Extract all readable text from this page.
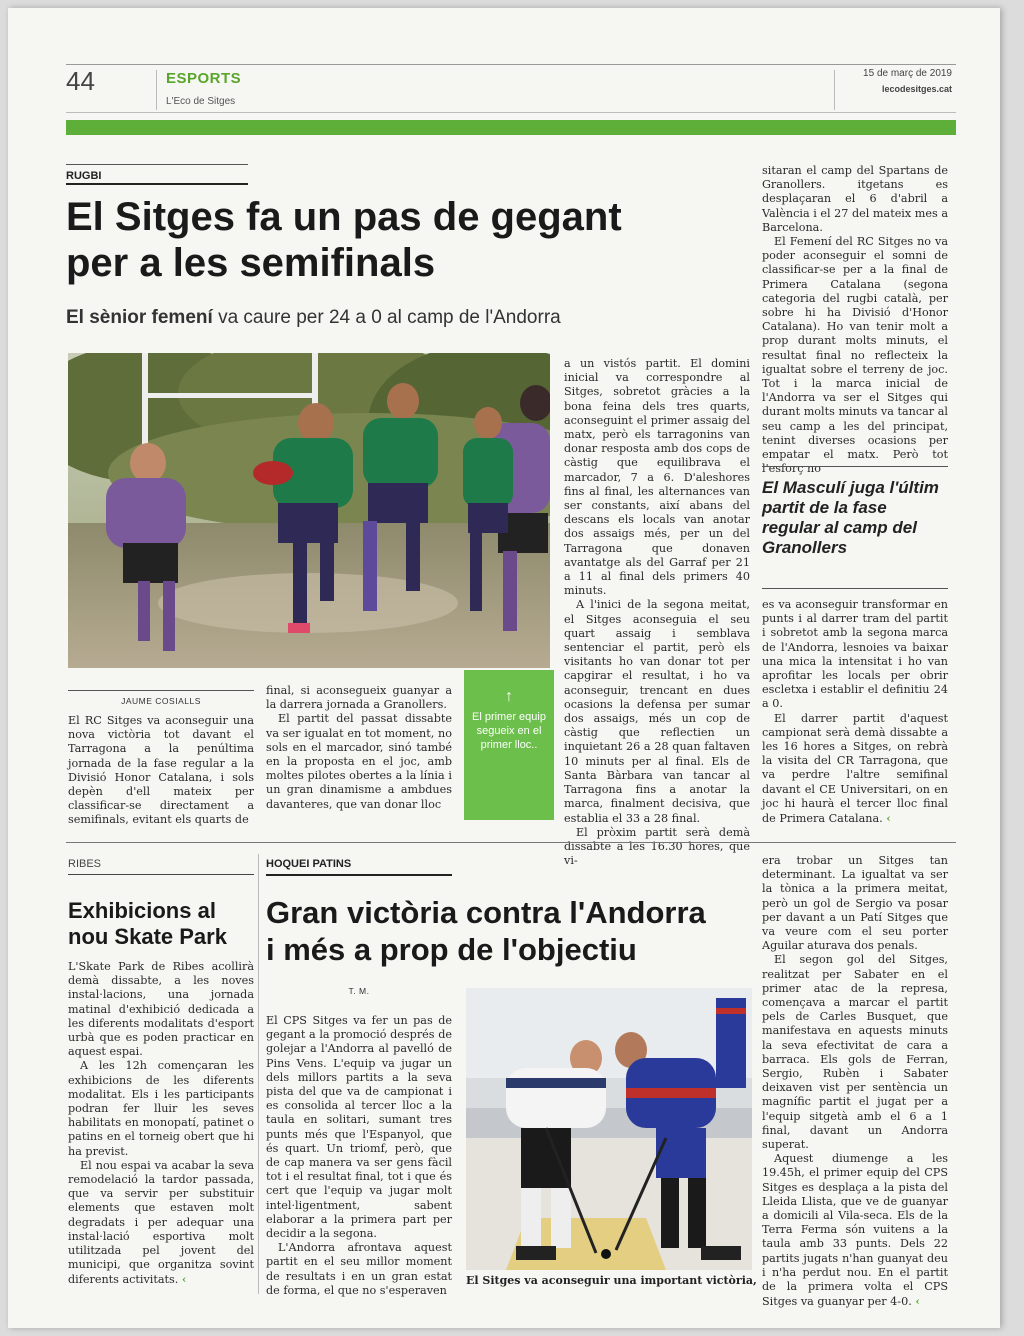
44	ESPORTS
L'Eco de Sitges
15 de març de 2019
lecodesitges.cat
RUGBI
El Sitges fa un pas de gegant
per a les semifinals
El sènior femení va caure per 24 a 0 al camp de l'Andorra
JAUME COSIALLS

El RC Sitges va aconseguir una nova victòria tot davant el Tarragona a la penúltima jornada de la fase regular a la Divisió Honor Catalana, i sols depèn d'ell mateix per classificar-se directament a semifinals, evitant els quarts de

final, si aconsegueix guanyar a la darrera jornada a Granollers.

El partit del passat dissabte va ser igualat en tot moment, no sols en el marcador, sinó també en la proposta en el joc, amb moltes pilotes obertes a la línia i un gran dinamisme a ambdues davanteres, que van donar lloc

↑
El primer equip segueix en el primer lloc..

a un vistós partit. El domini inicial va correspondre al Sitges, sobretot gràcies a la bona feina dels tres quarts, aconseguint el primer assaig del matx, però els tarragonins van donar resposta amb dos cops de càstig que equilibrava el marcador, 7 a 6. D'aleshores fins al final, les alternances van ser constants, així abans del descans els locals van anotar dos assaigs més, per un del Tarragona que donaven avantatge als del Garraf per 21 a 11 al final dels primers 40 minuts.

A l'inici de la segona meitat, el Sitges aconseguia el seu quart assaig i semblava sentenciar el partit, però els visitants ho van donar tot per capgirar el resultat, i ho va aconseguir, trencant en dues ocasions la defensa per sumar dos assaigs, més un cop de càstig que reflectien un inquietant 26 a 28 quan faltaven 10 minuts per al final. Els de Santa Bàrbara van tancar al Tarragona fins a anotar la marca, finalment decisiva, que establia el 33 a 28 final.

El pròxim partit serà demà dissabte a les 16.30 hores, que vi-

sitaran el camp del Spartans de Granollers. itgetans es desplaçaran el 6 d'abril a València i el 27 del mateix mes a Barcelona.

El Femení del RC Sitges no va poder aconseguir el somni de classificar-se per a la final de Primera Catalana (segona categoria del rugbi català, per sobre hi ha Divisió d'Honor Catalana). Ho van tenir molt a prop durant molts minuts, el resultat final no reflecteix la igualtat sobre el terreny de joc. Tot i la marca inicial de l'Andorra va ser el Sitges qui durant molts minuts va tancar al seu camp a les del principat, tenint diverses ocasions per empatar el matx. Però tot l'esforç no

El Masculí juga l'últim partit de la fase regular al camp del Granollers

es va aconseguir transformar en punts i al darrer tram del partit i sobretot amb la segona marca de l'Andorra, lesnoies va baixar una mica la intensitat i ho van aprofitar les locals per obrir escletxa i establir el definitiu 24 a 0.

El darrer partit d'aquest campionat serà demà dissabte a les 16 hores a Sitges, on rebrà la visita del CR Tarragona, que va perdre l'altre semifinal davant el CE Universitari, on en joc hi haurà el tercer lloc final de Primera Catalana. ‹

RIBES
Exhibicions al
nou Skate Park

L'Skate Park de Ribes acollirà demà dissabte, a les noves instal·lacions, una jornada matinal d'exhibició dedicada a les diferents modalitats d'esport urbà que es poden practicar en aquest espai.

A les 12h començaran les exhibicions de les diferents modalitat. Els i les participants podran fer lluir les seves habilitats en monopatí, patinet o patins en el torneig obert que hi ha previst.

El nou espai va acabar la seva remodelació la tardor passada, que va servir per substituir elements que estaven molt degradats i per adequar una instal·lació esportiva molt utilitzada pel jovent del municipi, que organitza sovint diferents activitats. ‹

HOQUEI PATINS
Gran victòria contra l'Andorra
i més a prop de l'objectiu
T. M.

El CPS Sitges va fer un pas de gegant a la promoció després de golejar a l'Andorra al pavelló de Pins Vens. L'equip va jugar un dels millors partits a la seva pista del que va de campionat i es consolida al tercer lloc a la taula en solitari, sumant tres punts més que l'Espanyol, que és quart. Un triomf, però, que de cap manera va ser gens fàcil tot i el resultat final, tot i que és cert que l'equip va jugar molt intel·ligentment, sabent elaborar a la primera part per decidir a la segona.

L'Andorra afrontava aquest partit en el seu millor moment de resultats i en un gran estat de forma, el que no s'esperaven

El Sitges va aconseguir una important victòria,

era trobar un Sitges tan determinant. La igualtat va ser la tònica a la primera meitat, però un gol de Sergio va posar per davant a un Patí Sitges que va veure com el seu porter Aguilar aturava dos penals.

El segon gol del Sitges, realitzat per Sabater en el primer atac de la represa, començava a marcar el partit pels de Carles Busquet, que manifestava en aquests minuts la seva efectivitat de cara a barraca. Els gols de Ferran, Sergio, Rubèn i Sabater deixaven vist per sentència un magnífic partit el jugat per a l'equip sitgetà amb el 6 a 1 final, davant un Andorra superat.

Aquest diumenge a les 19.45h, el primer equip del CPS Sitges es desplaça a la pista del Lleida Llista, que ve de guanyar a domicili al Vila-seca. Els de la Terra Ferma són vuitens a la taula amb 33 punts. Dels 22 partits jugats n'han guanyat deu i n'ha perdut nou. En el partit de la primera volta el CPS Sitges va guanyar per 4-0. ‹
